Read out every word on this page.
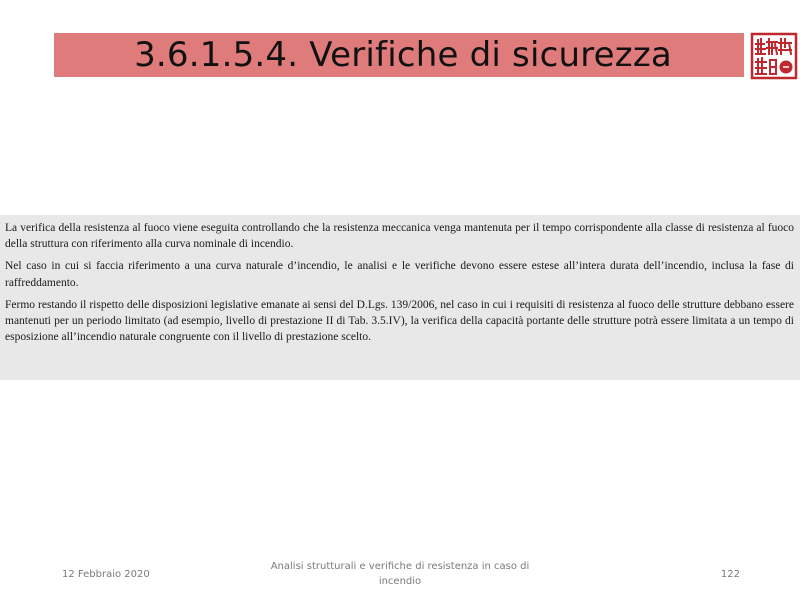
3.6.1.5.4. Verifiche di sicurezza

La verifica della resistenza al fuoco viene eseguita controllando che la resistenza meccanica venga mantenuta per il tempo corrispondente alla classe di resistenza al fuoco della struttura con riferimento alla curva nominale di incendio.

Nel caso in cui si faccia riferimento a una curva naturale d’incendio, le analisi e le verifiche devono essere estese all’intera durata dell’incendio, inclusa la fase di raffreddamento.

Fermo restando il rispetto delle disposizioni legislative emanate ai sensi del D.Lgs. 139/2006, nel caso in cui i requisiti di resistenza al fuoco delle strutture debbano essere mantenuti per un periodo limitato (ad esempio, livello di prestazione II di Tab. 3.5.IV), la verifica della capacità portante delle strutture potrà essere limitata a un tempo di esposizione all’incendio naturale congruente con il livello di prestazione scelto.

12 Febbraio 2020
Analisi strutturali e verifiche di resistenza in caso di incendio
122
